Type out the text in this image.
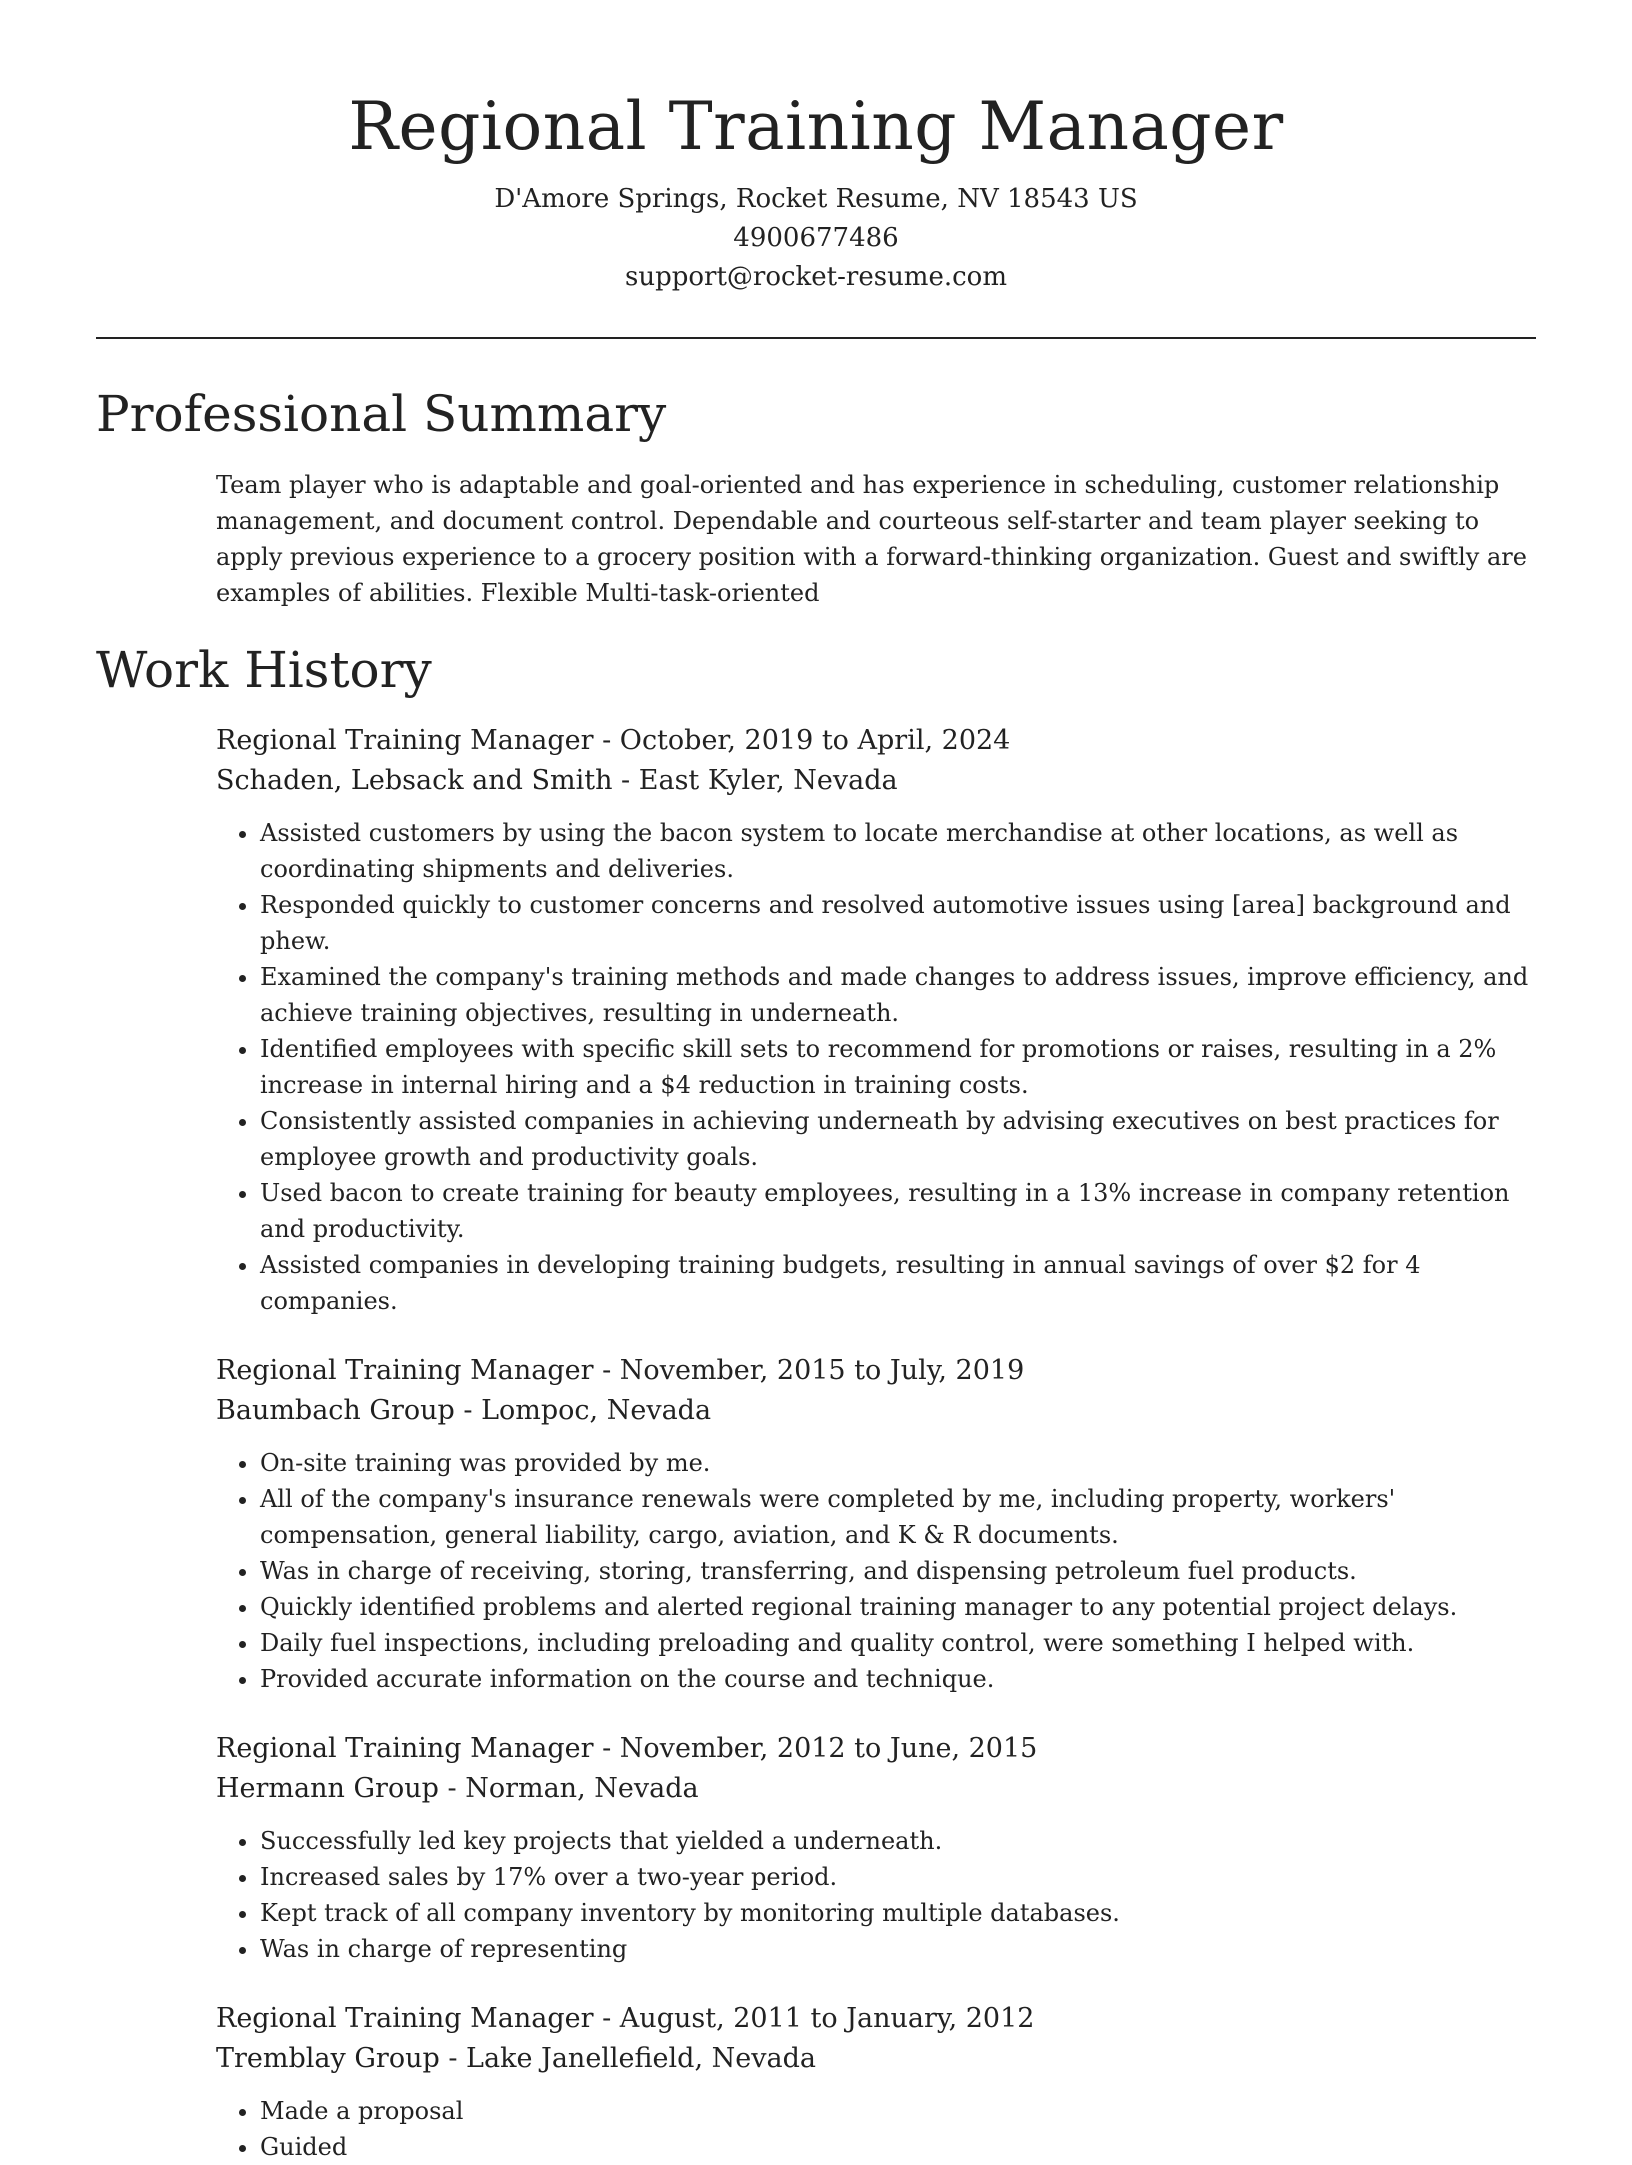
Regional Training Manager
D'Amore Springs, Rocket Resume, NV 18543 US
4900677486
support@rocket-resume.com
Professional Summary

Team player who is adaptable and goal-oriented and has experience in scheduling, customer relationship management, and document control. Dependable and courteous self-starter and team player seeking to apply previous experience to a grocery position with a forward-thinking organization. Guest and swiftly are examples of abilities. Flexible Multi-task-oriented

Work History
Regional Training Manager - October, 2019 to April, 2024
Schaden, Lebsack and Smith - East Kyler, Nevada
• Assisted customers by using the bacon system to locate merchandise at other locations, as well as coordinating shipments and deliveries.
• Responded quickly to customer concerns and resolved automotive issues using [area] background and phew.
• Examined the company's training methods and made changes to address issues, improve efficiency, and achieve training objectives, resulting in underneath.
• Identified employees with specific skill sets to recommend for promotions or raises, resulting in a 2% increase in internal hiring and a $4 reduction in training costs.
• Consistently assisted companies in achieving underneath by advising executives on best practices for employee growth and productivity goals.
• Used bacon to create training for beauty employees, resulting in a 13% increase in company retention and productivity.
• Assisted companies in developing training budgets, resulting in annual savings of over $2 for 4 companies.
Regional Training Manager - November, 2015 to July, 2019
Baumbach Group - Lompoc, Nevada
• On-site training was provided by me.
• All of the company's insurance renewals were completed by me, including property, workers' compensation, general liability, cargo, aviation, and K & R documents.
• Was in charge of receiving, storing, transferring, and dispensing petroleum fuel products.
• Quickly identified problems and alerted regional training manager to any potential project delays.
• Daily fuel inspections, including preloading and quality control, were something I helped with.
• Provided accurate information on the course and technique.
Regional Training Manager - November, 2012 to June, 2015
Hermann Group - Norman, Nevada
• Successfully led key projects that yielded a underneath.
• Increased sales by 17% over a two-year period.
• Kept track of all company inventory by monitoring multiple databases.
• Was in charge of representing
Regional Training Manager - August, 2011 to January, 2012
Tremblay Group - Lake Janellefield, Nevada
• Made a proposal
• Guided
